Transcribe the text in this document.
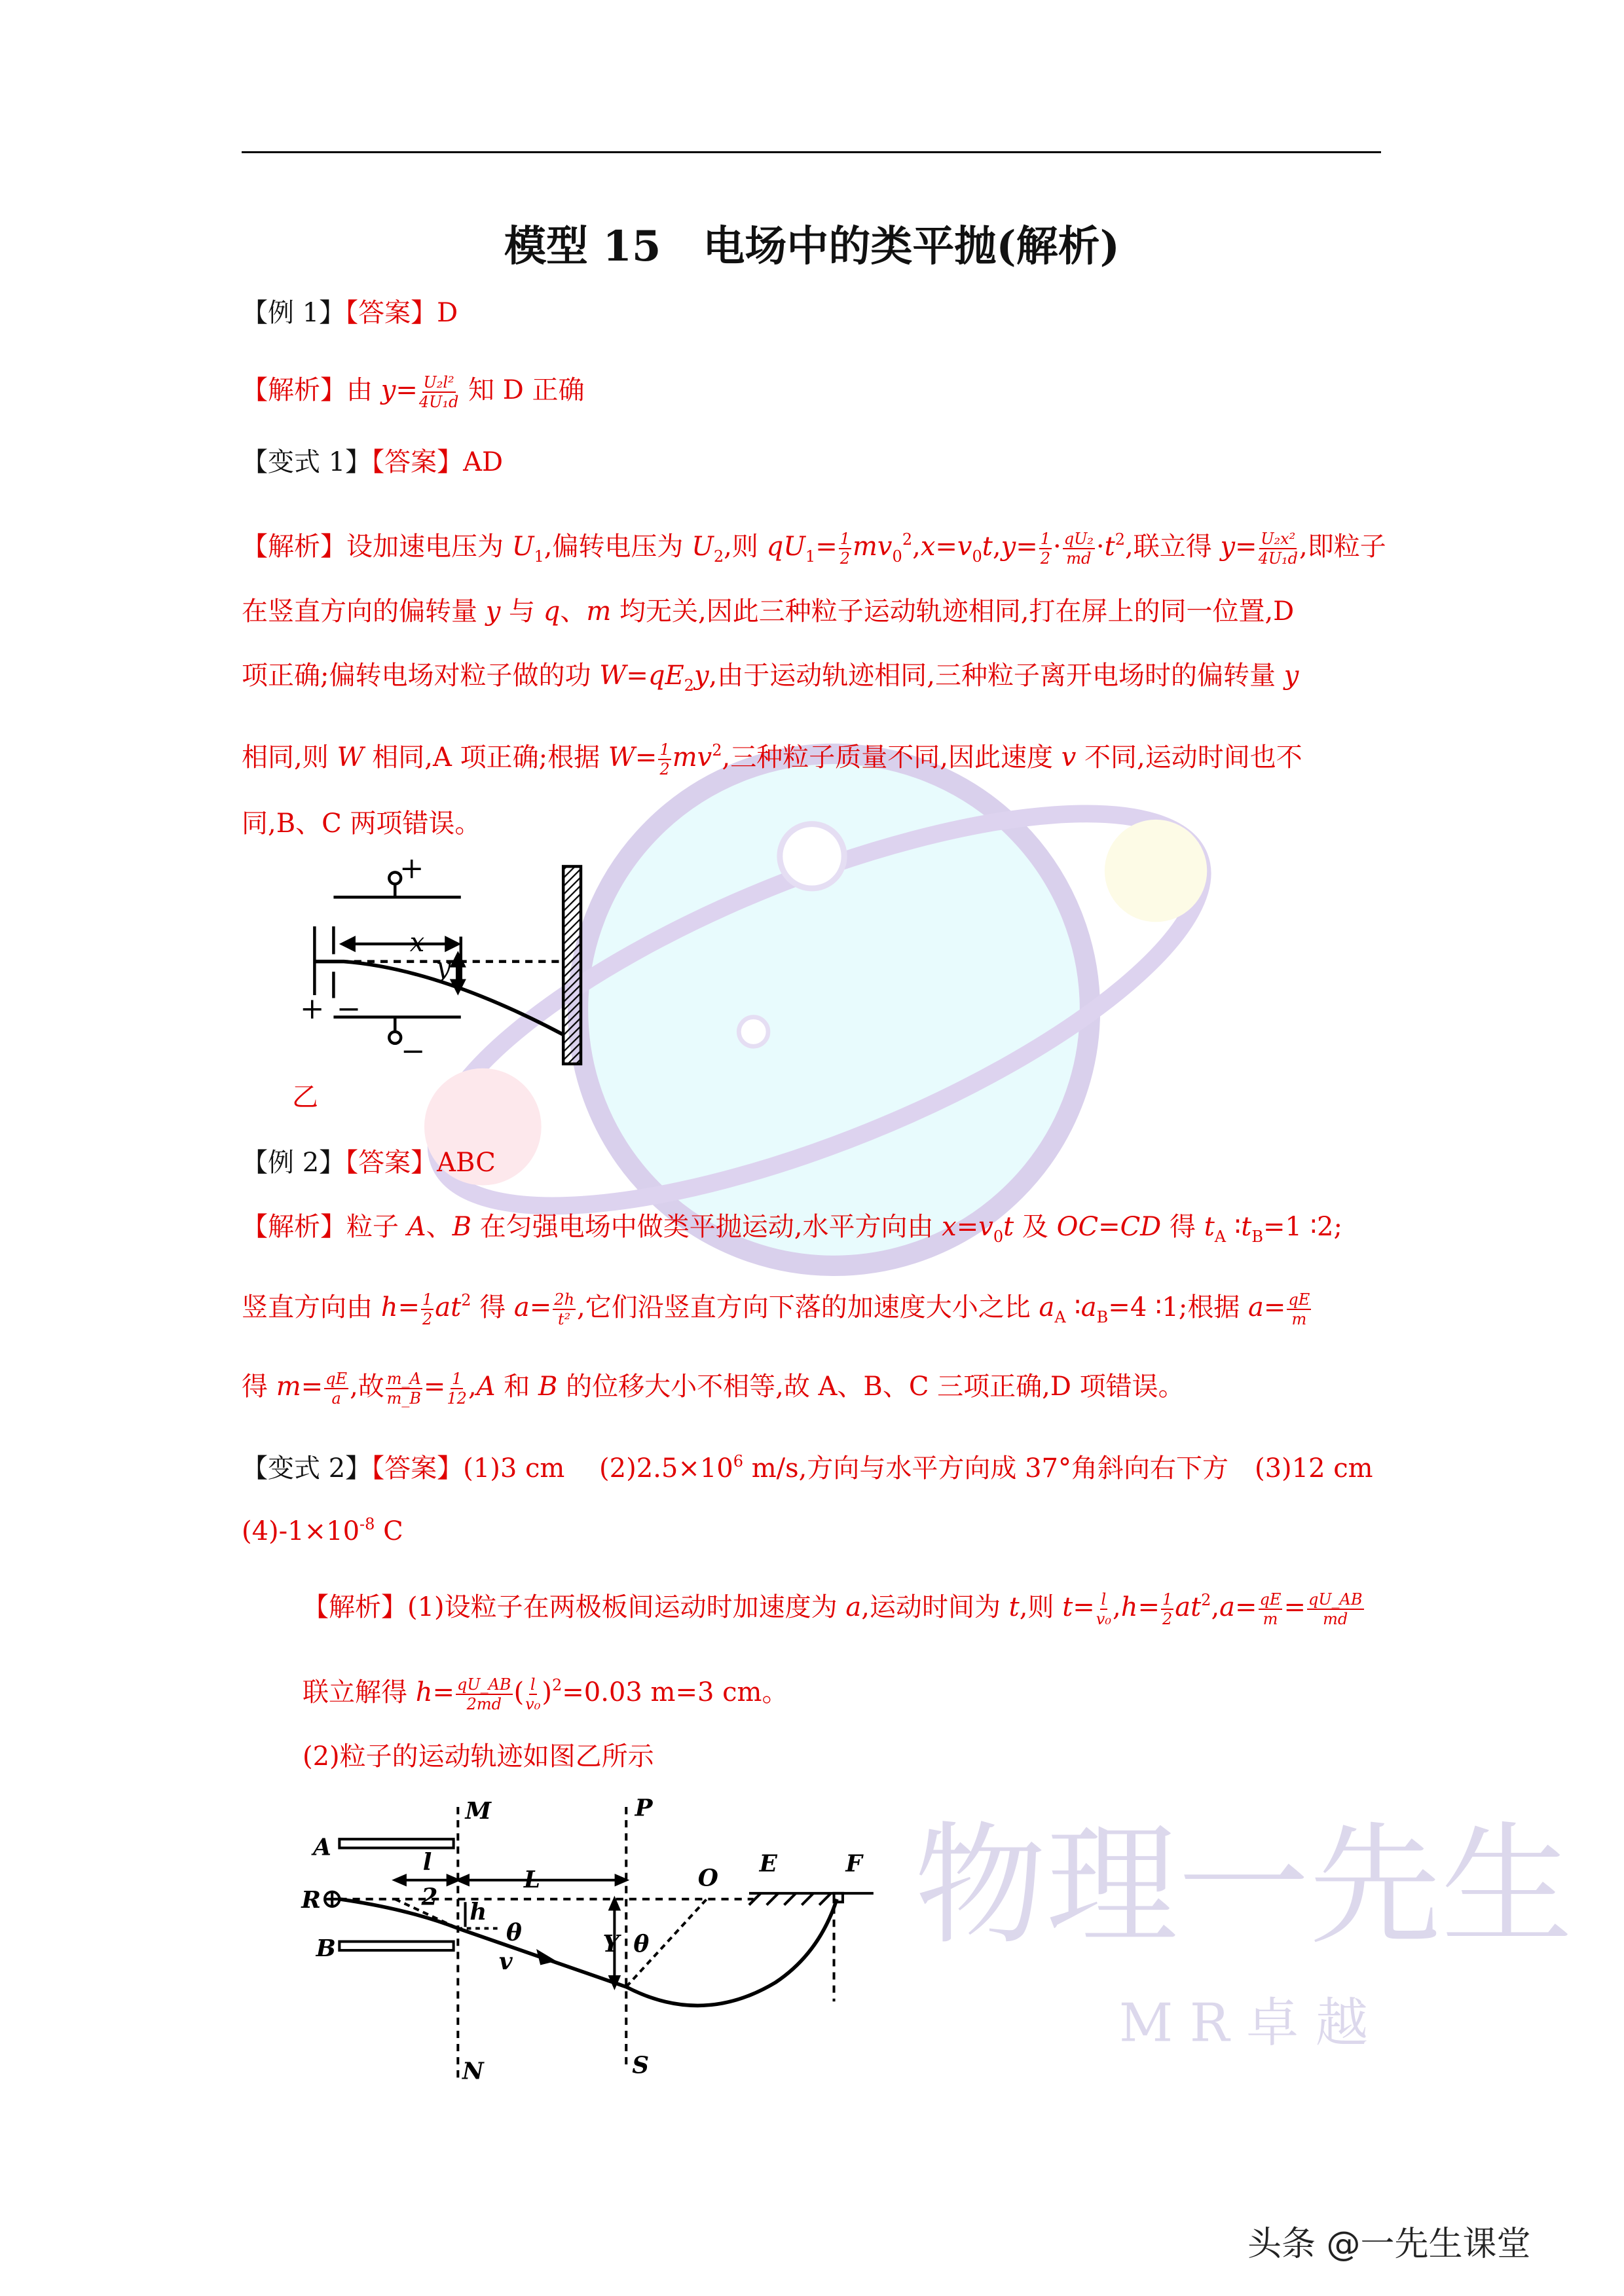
物理一先生
M R 卓 越
模型 15　电场中的类平抛(解析)
【例 1】【答案】D
【解析】由 $y= \frac{\text{U₂l²}}{\text{4U₁d}}$ 知 D 正确
【变式 1】【答案】AD
【解析】设加速电压为 $U_1$,偏转电压为 $U_2$,则 $qU_1= \frac{1}{2} mv_0^2,x=v_0t,y= \frac{1}{2} \cdot \frac{\text{qU₂}}{md} \cdot t^2$,联立得 $y= \frac{\text{U₂x²}}{\text{4U₁d}}$ ,即粒子
在竖直方向的偏转量 y 与 q、m 均无关,因此三种粒子运动轨迹相同,打在屏上的同一位置,D
项正确;偏转电场对粒子做的功 $W=qE_2y$,由于运动轨迹相同,三种粒子离开电场时的偏转量 y
相同,则 W 相同,A 项正确;根据 $W= \frac{1}{2} mv^2$,三种粒子质量不同,因此速度 v 不同,运动时间也不
同,B、C 两项错误。
乙
【例 2】【答案】ABC
【解析】粒子 A、B 在匀强电场中做类平抛运动,水平方向由 $x=v_0t$ 及 OC=CD 得 $t_A$ $∶t_B=1$ ∶2;
竖直方向由 $h= \frac{1}{2} at^2$ 得 $a= \frac{2h}{\text{t²}}$ ,它们沿竖直方向下落的加速度大小之比 $a_A$ $∶a_B=4$ ∶1;根据 $a= \frac{qE}{m}$
得 $m= \frac{qE}{a}$ ,故 $\frac{m\_A}{m\_B} = \frac{1}{12} ,A$ 和 B 的位移大小不相等,故 A、B、C 三项正确,D 项错误。
【变式 2】【答案】(1)3 cm　 $(2)2.5\times 10^6$ m/s,方向与水平方向成 37°角斜向右下方　(3)12 cm
$(4)-1\times 10^{-8}$ C
【解析】(1)设粒子在两极板间运动时加速度为 a,运动时间为 t,则 $t= \frac{l}{\text{v₀}} ,h= \frac{1}{2} at^2,a= \frac{qE}{m} = \frac{qU\_AB}{md}$
联立解得 $h= \frac{qU\_AB}{2md}$ ( $\frac{l}{\text{v₀}} )^2=0.03$ m=3 cm。
(2)粒子的运动轨迹如图乙所示
x
y
+
−
+ −
A
B
R
M
N
P
S
O
E	F
l
2
L
h
Y
θ	θ
v
头条 @一先生课堂
